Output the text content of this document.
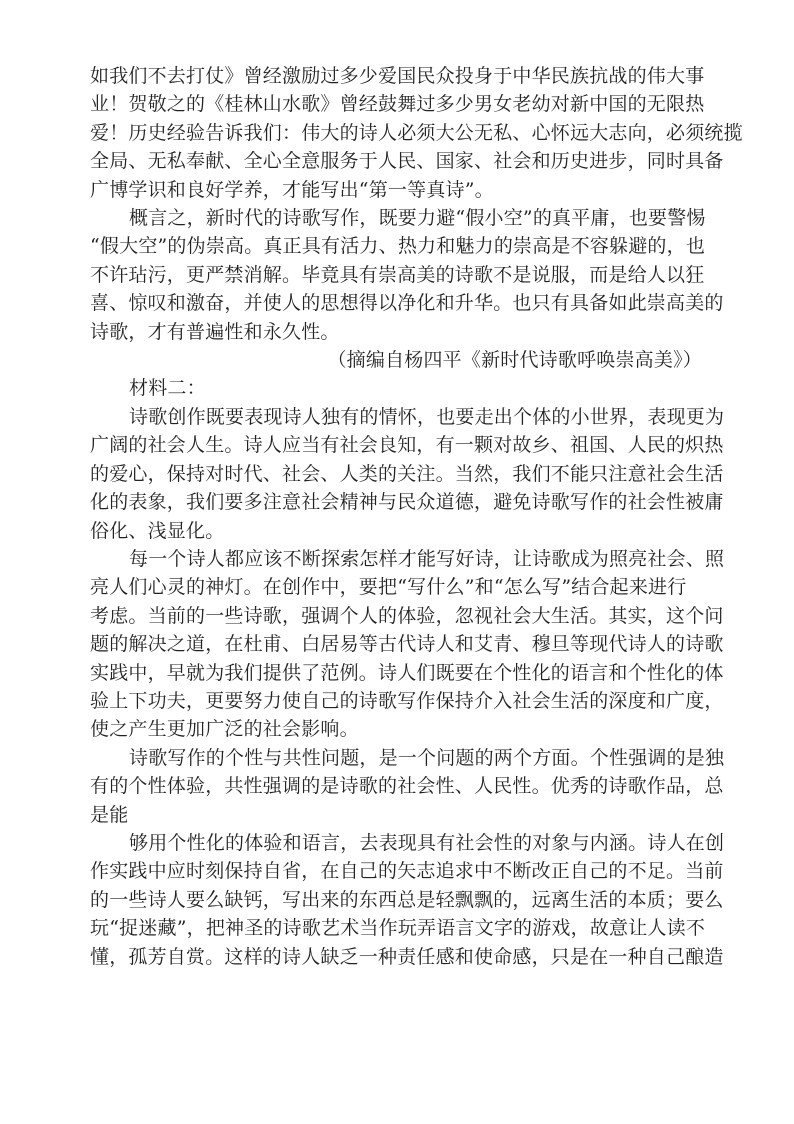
如我们不去打仗》曾经激励过多少爱国民众投身于中华民族抗战的伟大事

业！贺敬之的《桂林山水歌》曾经鼓舞过多少男女老幼对新中国的无限热

爱！历史经验告诉我们：伟大的诗人必须大公无私、心怀远大志向，必须统揽

全局、无私奉献、全心全意服务于人民、国家、社会和历史进步，同时具备

广博学识和良好学养，才能写出“第一等真诗”。

概言之，新时代的诗歌写作，既要力避“假小空”的真平庸，也要警惕

“假大空”的伪崇高。真正具有活力、热力和魅力的崇高是不容躲避的，也

不许玷污，更严禁消解。毕竟具有崇高美的诗歌不是说服，而是给人以狂

喜、惊叹和激奋，并使人的思想得以净化和升华。也只有具备如此崇高美的

诗歌，才有普遍性和永久性。

（摘编自杨四平《新时代诗歌呼唤崇高美》）

材料二：

诗歌创作既要表现诗人独有的情怀，也要走出个体的小世界，表现更为

广阔的社会人生。诗人应当有社会良知，有一颗对故乡、祖国、人民的炽热

的爱心，保持对时代、社会、人类的关注。当然，我们不能只注意社会生活

化的表象，我们要多注意社会精神与民众道德，避免诗歌写作的社会性被庸

俗化、浅显化。

每一个诗人都应该不断探索怎样才能写好诗，让诗歌成为照亮社会、照

亮人们心灵的神灯。在创作中，要把“写什么”和“怎么写”结合起来进行

考虑。当前的一些诗歌，强调个人的体验，忽视社会大生活。其实，这个问

题的解决之道，在杜甫、白居易等古代诗人和艾青、穆旦等现代诗人的诗歌

实践中，早就为我们提供了范例。诗人们既要在个性化的语言和个性化的体

验上下功夫，更要努力使自己的诗歌写作保持介入社会生活的深度和广度，

使之产生更加广泛的社会影响。

诗歌写作的个性与共性问题，是一个问题的两个方面。个性强调的是独

有的个性体验，共性强调的是诗歌的社会性、人民性。优秀的诗歌作品，总

是能

够用个性化的体验和语言，去表现具有社会性的对象与内涵。诗人在创

作实践中应时刻保持自省，在自己的矢志追求中不断改正自己的不足。当前

的一些诗人要么缺钙，写出来的东西总是轻飘飘的，远离生活的本质；要么

玩“捉迷藏”，把神圣的诗歌艺术当作玩弄语言文字的游戏，故意让人读不

懂，孤芳自赏。这样的诗人缺乏一种责任感和使命感，只是在一种自己酿造
